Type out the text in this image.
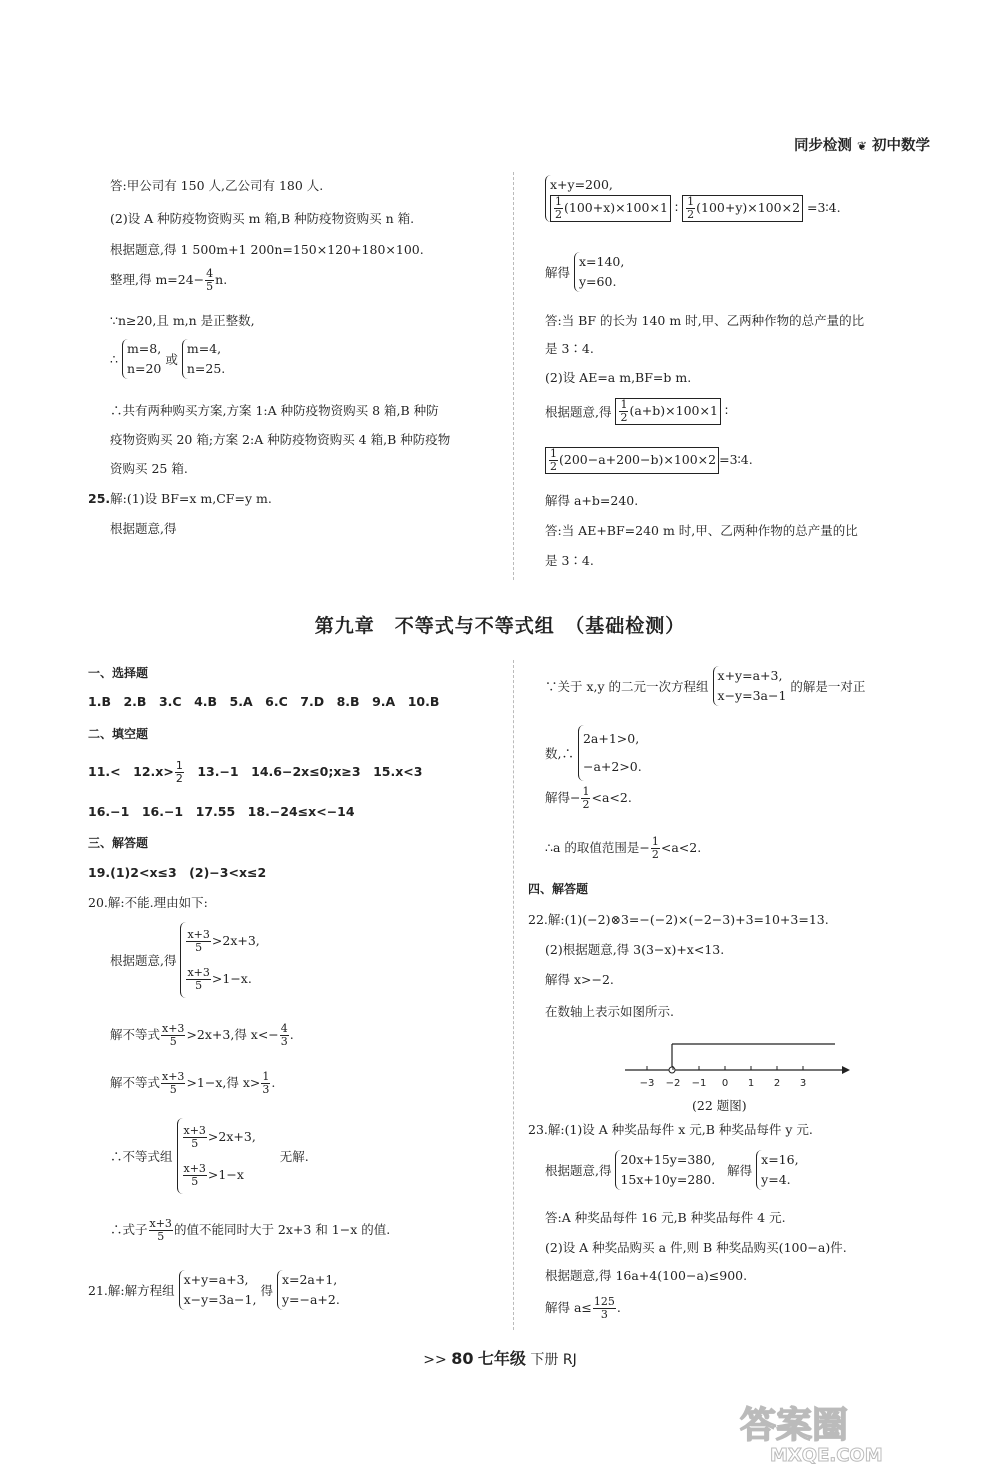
同步检测 ❦ 初中数学
答:甲公司有 150 人,乙公司有 180 人.
(2)设 A 种防疫物资购买 m 箱,B 种防疫物资购买 n 箱.
根据题意,得 1 500m+1 200n=150×120+180×100.
整理,得 $m=24- \frac{4}{5} n$.
∵n≥20,且 m,n 是正整数,
∴
m=8,
n=20
或
m=4,
n=25.
∴共有两种购买方案,方案 1:A 种防疫物资购买 8 箱,B 种防
疫物资购买 20 箱;方案 2:A 种防疫物资购买 4 箱,B 种防疫物
资购买 25 箱.
25.解:(1)设 BF=x m,CF=y m.
根据题意,得
x+y=200,
$\frac{1}{2} (100+x)\times 100\times 1$ ∶ $\frac{1}{2} (100+y)\times 100\times 2$ =3∶4.
解得
x=140,
y=60.
答:当 BF 的长为 140 m 时,甲、乙两种作物的总产量的比
是 3∶4.
(2)设 AE=a m,BF=b m.
根据题意,得 $\frac{1}{2} (a+b)\times 100\times 1$ ∶
$\frac{1}{2} (200-a+200-b)\times 100\times 2$ =3∶4.
解得 a+b=240.
答:当 AE+BF=240 m 时,甲、乙两种作物的总产量的比
是 3∶4.
第九章　不等式与不等式组　（基础检测）
一、选择题
1.B　2.B　3.C　4.B　5.A　6.C　7.D　8.B　9.A　10.B
二、填空题
11.<　$12.x> \frac{1}{2}$ 　13.−1　14.6−2x≤0;x≥3　15.x<3
16.−1　16.−1　17.55　18.−24≤x<−14
三、解答题
19.(1)2<x≤3　(2)−3<x≤2
20.解:不能.理由如下:
根据题意,得
$\frac{x+3}{5} >2x+3$,
$\frac{x+3}{5} >1-x$.
解不等式 $\frac{x+3}{5} >2x+3$,得 $x<- \frac{4}{3}$ .
解不等式 $\frac{x+3}{5} >1-x$,得 $x> \frac{1}{3}$ .
∴不等式组
$\frac{x+3}{5} >2x+3$,
$\frac{x+3}{5} >1-x$
无解.
∴式子 $\frac{x+3}{5}$ 的值不能同时大于 2x+3 和 1−x 的值.
21.解:解方程组
x+y=a+3,
x−y=3a−1,
得
x=2a+1,
y=−a+2.
∵关于 x,y 的二元一次方程组
x+y=a+3,
x−y=3a−1
的解是一对正
数,∴
2a+1>0,
−a+2>0.
解得− $\frac{1}{2} <a<2$.
∴a 的取值范围是− $\frac{1}{2} <a<2$.
四、解答题
22.解:(1)(−2)⊗3=−(−2)×(−2−3)+3=10+3=13.
(2)根据题意,得 3(3−x)+x<13.
解得 x>−2.
在数轴上表示如图所示.
−3 −2 −1 0 1 2 3
(22 题图)
23.解:(1)设 A 种奖品每件 x 元,B 种奖品每件 y 元.
根据题意,得
20x+15y=380,
15x+10y=280.
解得
x=16,
y=4.
答:A 种奖品每件 16 元,B 种奖品每件 4 元.
(2)设 A 种奖品购买 a 件,则 B 种奖品购买(100−a)件.
根据题意,得 16a+4(100−a)≤900.
解得 $a\le \frac{125}{3}$ .
>> 80 七年级 下册 RJ
答案圈
MXQE.COM
